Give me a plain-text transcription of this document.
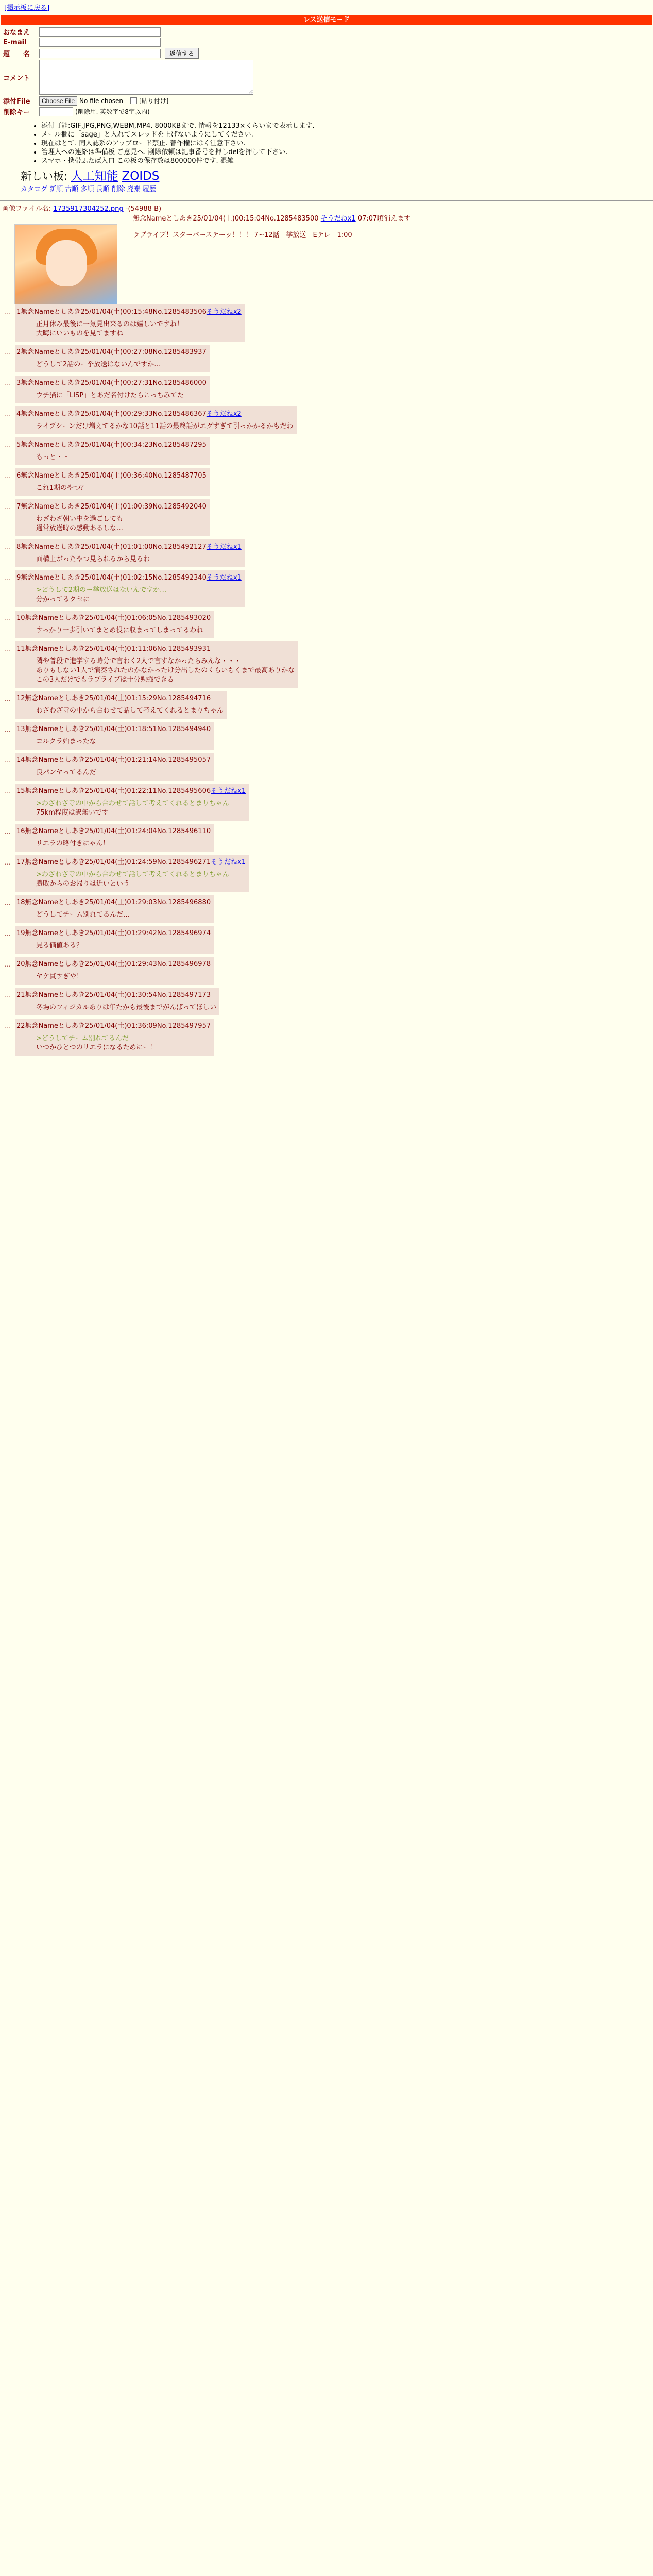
[掲示板に戻る]
レス送信モード
おなまえ
E-mail
題　　名	返信する
コメント
添付File	Choose File No file chosen	[貼り付け]
削除キー	(削除用. 英数字で8字以内)
• 添付可能:GIF,JPG,PNG,WEBM,MP4. 8000KBまで. 情報を12133×くらいまで表示します.
• メール欄に「sage」と入れてスレッドを上げないようにしてください.
• 現在はとて. 同人誌系のアップロード禁止. 著作権にはく注意下さい.
• 管理人への連絡は準備板 ご意見へ. 削除依頼は記事番号を押しdelを押して下さい.
• スマホ・携帯ふたば入口 この板の保存数は800000件です. 混雑
新しい板: 人工知能 ZOIDS
カタログ 新順 古順 多順 長順 削除 廃棄 履歴
画像ファイル名: 1735917304252.png -(54988 B)
無念Nameとしあき25/01/04(土)00:15:04No.1285483500 そうだねx1 07:07頃消えます
ラブライブ！スターパーステーッ！！！ 7~12話一挙放送　Eテレ　1:00
… 1無念Nameとしあき25/01/04(土)00:15:48No.1285483506そうだねx2
正月休み最後に一気見出来るのは嬉しいですね！
大晦にいいものを見てますね
… 2無念Nameとしあき25/01/04(土)00:27:08No.1285483937
どうして2話のー挙放送はないんですか…
… 3無念Nameとしあき25/01/04(土)00:27:31No.1285486000
ウチ猫に「LISP」とあだ名付けたらこっちみてた
… 4無念Nameとしあき25/01/04(土)00:29:33No.1285486367そうだねx2
ライブシーンだけ増えてるかな10話と11話の最終話がエグすぎて引っかかるかもだわ
… 5無念Nameとしあき25/01/04(土)00:34:23No.1285487295
もっと・・
… 6無念Nameとしあき25/01/04(土)00:36:40No.1285487705
これ1期のやつ？
… 7無念Nameとしあき25/01/04(土)01:00:39No.1285492040
わざわざ朝い中を過ごしても
通常放送時の感動あるしな…
… 8無念Nameとしあき25/01/04(土)01:01:00No.1285492127そうだねx1
面構上がったやつ見られるから見るわ
… 9無念Nameとしあき25/01/04(土)01:02:15No.1285492340そうだねx1
>どうして2期のー挙放送はないんですか…
分かってるクセに
… 10無念Nameとしあき25/01/04(土)01:06:05No.1285493020
すっかり一歩引いてまとめ役に収まってしまってるわね
… 11無念Nameとしあき25/01/04(土)01:11:06No.1285493931
隣や普段で進学する時分で言わく2人で言すなかったらみんな・・・
ありもしない1人で演奏されたのかなかったけ分出したのくらいちくまで最高ありかな
この3人だけでもラブライブは十分勉強できる
… 12無念Nameとしあき25/01/04(土)01:15:29No.1285494716
わざわざ寺の中から合わせて話して考えてくれるとまりちゃん
… 13無念Nameとしあき25/01/04(土)01:18:51No.1285494940
コルクラ始まったな
… 14無念Nameとしあき25/01/04(土)01:21:14No.1285495057
良パンヤってるんだ
… 15無念Nameとしあき25/01/04(土)01:22:11No.1285495606そうだねx1
>わざわざ寺の中から合わせて話して考えてくれるとまりちゃん
75km程度は訳無いです
… 16無念Nameとしあき25/01/04(土)01:24:04No.1285496110
リエラの略付きにゃん！
… 17無念Nameとしあき25/01/04(土)01:24:59No.1285496271そうだねx1
>わざわざ寺の中から合わせて話して考えてくれるとまりちゃん
勝敗からのお帰りは近いという
… 18無念Nameとしあき25/01/04(土)01:29:03No.1285496880
どうしてチーム別れてるんだ…
… 19無念Nameとしあき25/01/04(土)01:29:42No.1285496974
見る価値ある？
… 20無念Nameとしあき25/01/04(土)01:29:43No.1285496978
ヤケ貫すぎや！
… 21無念Nameとしあき25/01/04(土)01:30:54No.1285497173
冬場のフィジカルありは年たかも最後までがんばってほしい
… 22無念Nameとしあき25/01/04(土)01:36:09No.1285497957
>どうしてチーム別れてるんだ
いつかひとつのリエラになるためにー！
